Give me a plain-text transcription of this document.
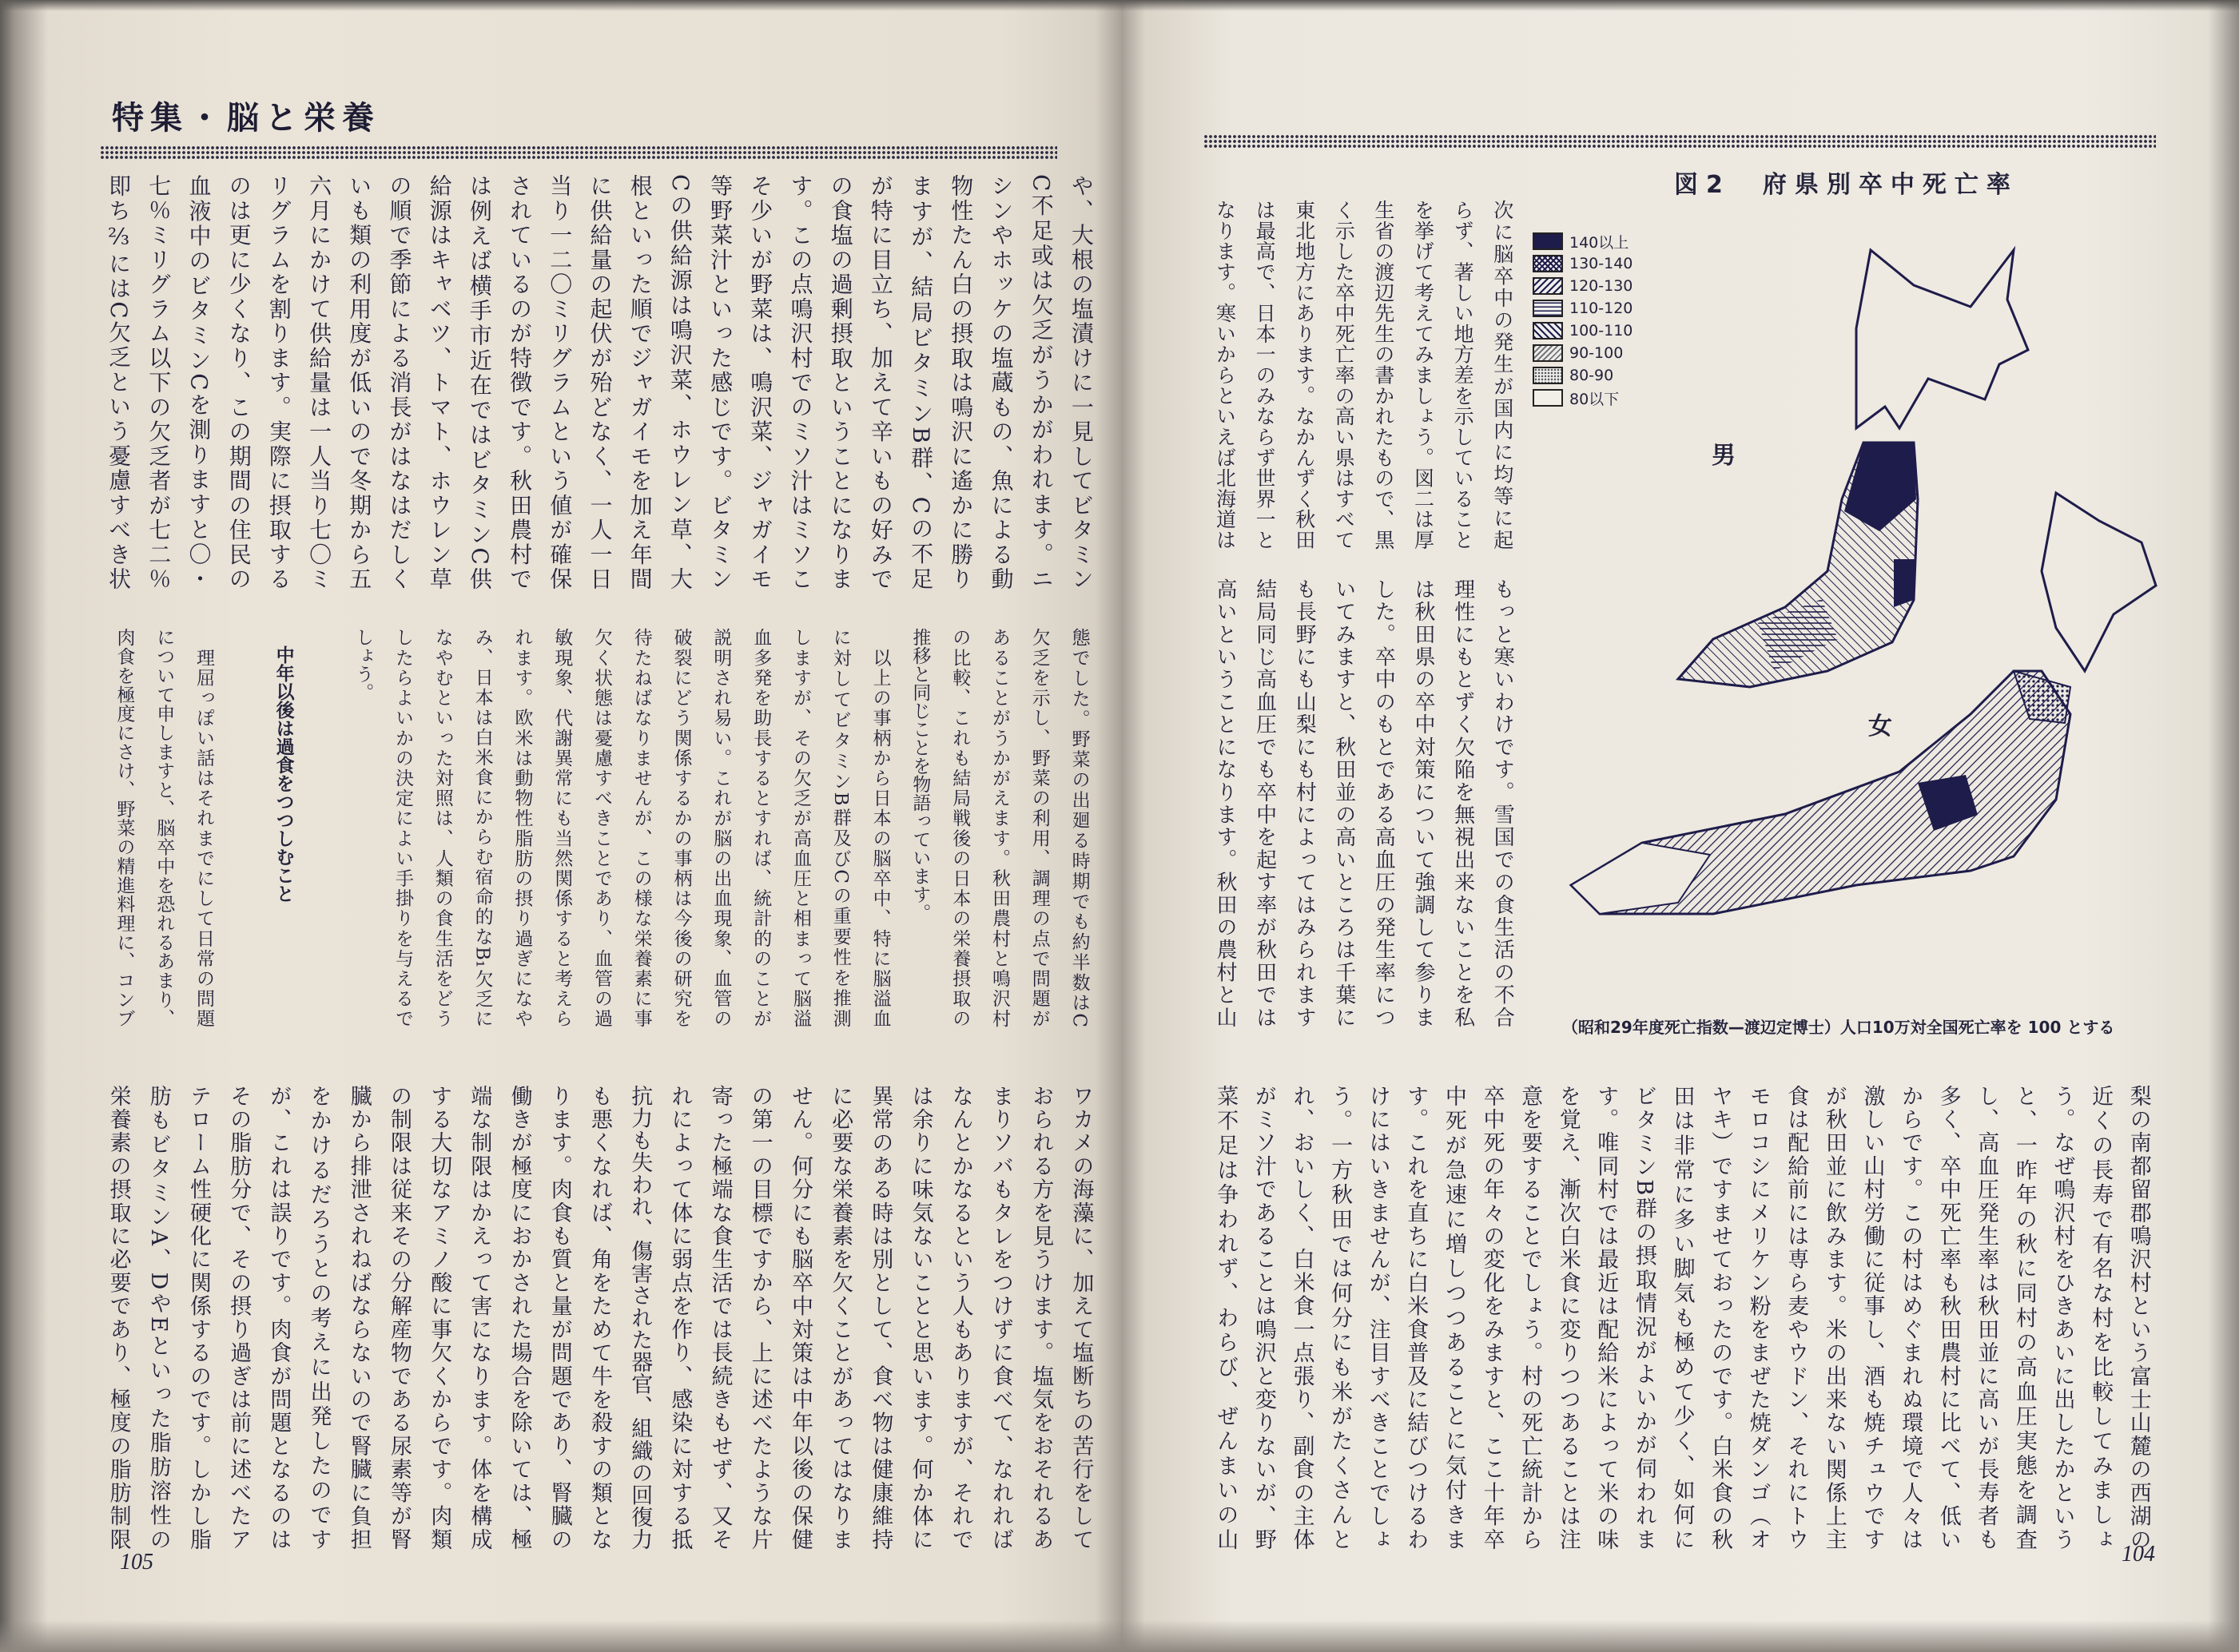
特集・脳と栄養
や、大根の塩漬けに一見してビタミン
C不足或は欠乏がうかがわれます。ニ
シンやホッケの塩蔵もの、魚による動
物性たん白の摂取は鳴沢に遙かに勝り
ますが、結局ビタミンB群、Cの不足
が特に目立ち、加えて辛いもの好みで
の食塩の過剰摂取ということになりま
す。この点鳴沢村でのミソ汁はミソこ
そ少いが野菜は、鳴沢菜、ジャガイモ
等野菜汁といった感じです。ビタミン
Cの供給源は鳴沢菜、ホウレン草、大
根といった順でジャガイモを加え年間
に供給量の起伏が殆どなく、一人一日
当り一二〇ミリグラムという値が確保
されているのが特徴です。秋田農村で
は例えば横手市近在ではビタミンC供
給源はキャベツ、トマト、ホウレン草
の順で季節による消長がはなはだしく
いも類の利用度が低いので冬期から五
六月にかけて供給量は一人当り七〇ミ
リグラムを割ります。実際に摂取する
のは更に少くなり、この期間の住民の
血液中のビタミンCを測りますと〇・
七％ミリグラム以下の欠乏者が七二％
即ち⅔にはC欠乏という憂慮すべき状
態でした。野菜の出廻る時期でも約半数はC
欠乏を示し、野菜の利用、調理の点で問題が
あることがうかがえます。秋田農村と鳴沢村
の比較、これも結局戦後の日本の栄養摂取の
推移と同じことを物語っています。
　以上の事柄から日本の脳卒中、特に脳溢血
に対してビタミンB群及びCの重要性を推測
しますが、その欠乏が高血圧と相まって脳溢
血多発を助長するとすれば、統計的のことが
説明され易い。これが脳の出血現象、血管の
破裂にどう関係するかの事柄は今後の研究を
待たねばなりませんが、この様な栄養素に事
欠く状態は憂慮すべきことであり、血管の過
敏現象、代謝異常にも当然関係すると考えら
れます。欧米は動物性脂肪の摂り過ぎになや
み、日本は白米食にからむ宿命的なB₁欠乏に
なやむといった対照は、人類の食生活をどう
したらよいかの決定によい手掛りを与えるで
しょう。
中年以後は過食をつつしむこと
　理屈っぽい話はそれまでにして日常の問題
について申しますと、脳卒中を恐れるあまり、
肉食を極度にさけ、野菜の精進料理に、コンブ
ワカメの海藻に、加えて塩断ちの苦行をして
おられる方を見うけます。塩気をおそれるあ
まりソバもタレをつけずに食べて、なれれば
なんとかなるという人もありますが、それで
は余りに味気ないことと思います。何か体に
異常のある時は別として、食べ物は健康維持
に必要な栄養素を欠くことがあってはなりま
せん。何分にも脳卒中対策は中年以後の保健
の第一の目標ですから、上に述べたような片
寄った極端な食生活では長続きもせず、又そ
れによって体に弱点を作り、感染に対する抵
抗力も失われ、傷害された器官、組織の回復力
も悪くなれば、角をためて牛を殺すの類とな
ります。肉食も質と量が問題であり、腎臓の
働きが極度におかされた場合を除いては、極
端な制限はかえって害になります。体を構成
する大切なアミノ酸に事欠くからです。肉類
の制限は従来その分解産物である尿素等が腎
臓から排泄されねばならないので腎臓に負担
をかけるだろうとの考えに出発したのです
が、これは誤りです。肉食が問題となるのは
その脂肪分で、その摂り過ぎは前に述べたア
テローム性硬化に関係するのです。しかし脂
肪もビタミンA、DやEといった脂肪溶性の
栄養素の摂取に必要であり、極度の脂肪制限
次に脳卒中の発生が国内に均等に起
らず、著しい地方差を示していること
を挙げて考えてみましょう。図二は厚
生省の渡辺先生の書かれたもので、黒
く示した卒中死亡率の高い県はすべて
東北地方にあります。なかんずく秋田
は最高で、日本一のみならず世界一と
なります。寒いからといえば北海道は
もっと寒いわけです。雪国での食生活の不合
理性にもとずく欠陥を無視出来ないことを私
は秋田県の卒中対策について強調して参りま
した。卒中のもとである高血圧の発生率につ
いてみますと、秋田並の高いところは千葉に
も長野にも山梨にも村によってはみられます
結局同じ高血圧でも卒中を起す率が秋田では
高いということになります。秋田の農村と山
梨の南都留郡鳴沢村という富士山麓の西湖の
近くの長寿で有名な村を比較してみましょ
う。なぜ鳴沢村をひきあいに出したかという
と、一昨年の秋に同村の高血圧実態を調査
し、高血圧発生率は秋田並に高いが長寿者も
多く、卒中死亡率も秋田農村に比べて、低い
からです。この村はめぐまれぬ環境で人々は
激しい山村労働に従事し、酒も焼チュウです
が秋田並に飲みます。米の出来ない関係上主
食は配給前には専ら麦やウドン、それにトウ
モロコシにメリケン粉をまぜた焼ダンゴ（オ
ヤキ）ですませておったのです。白米食の秋
田は非常に多い脚気も極めて少く、如何に
ビタミンB群の摂取情況がよいかが伺われま
す。唯同村では最近は配給米によって米の味
を覚え、漸次白米食に変りつつあることは注
意を要することでしょう。村の死亡統計から
卒中死の年々の変化をみますと、ここ十年卒
中死が急速に増しつつあることに気付きま
す。これを直ちに白米食普及に結びつけるわ
けにはいきませんが、注目すべきことでしょ
う。一方秋田では何分にも米がたくさんと
れ、おいしく、白米食一点張り、副食の主体
がミソ汁であることは鳴沢と変りないが、野
菜不足は争われず、わらび、ぜんまいの山
105	104
図2　府県別卒中死亡率
140以上
130-140
120-130
110-120
100-110
90-100
80-90
80以下
男
女
（昭和29年度死亡指数—渡辺定博士）人口10万対全国死亡率を 100 とする
